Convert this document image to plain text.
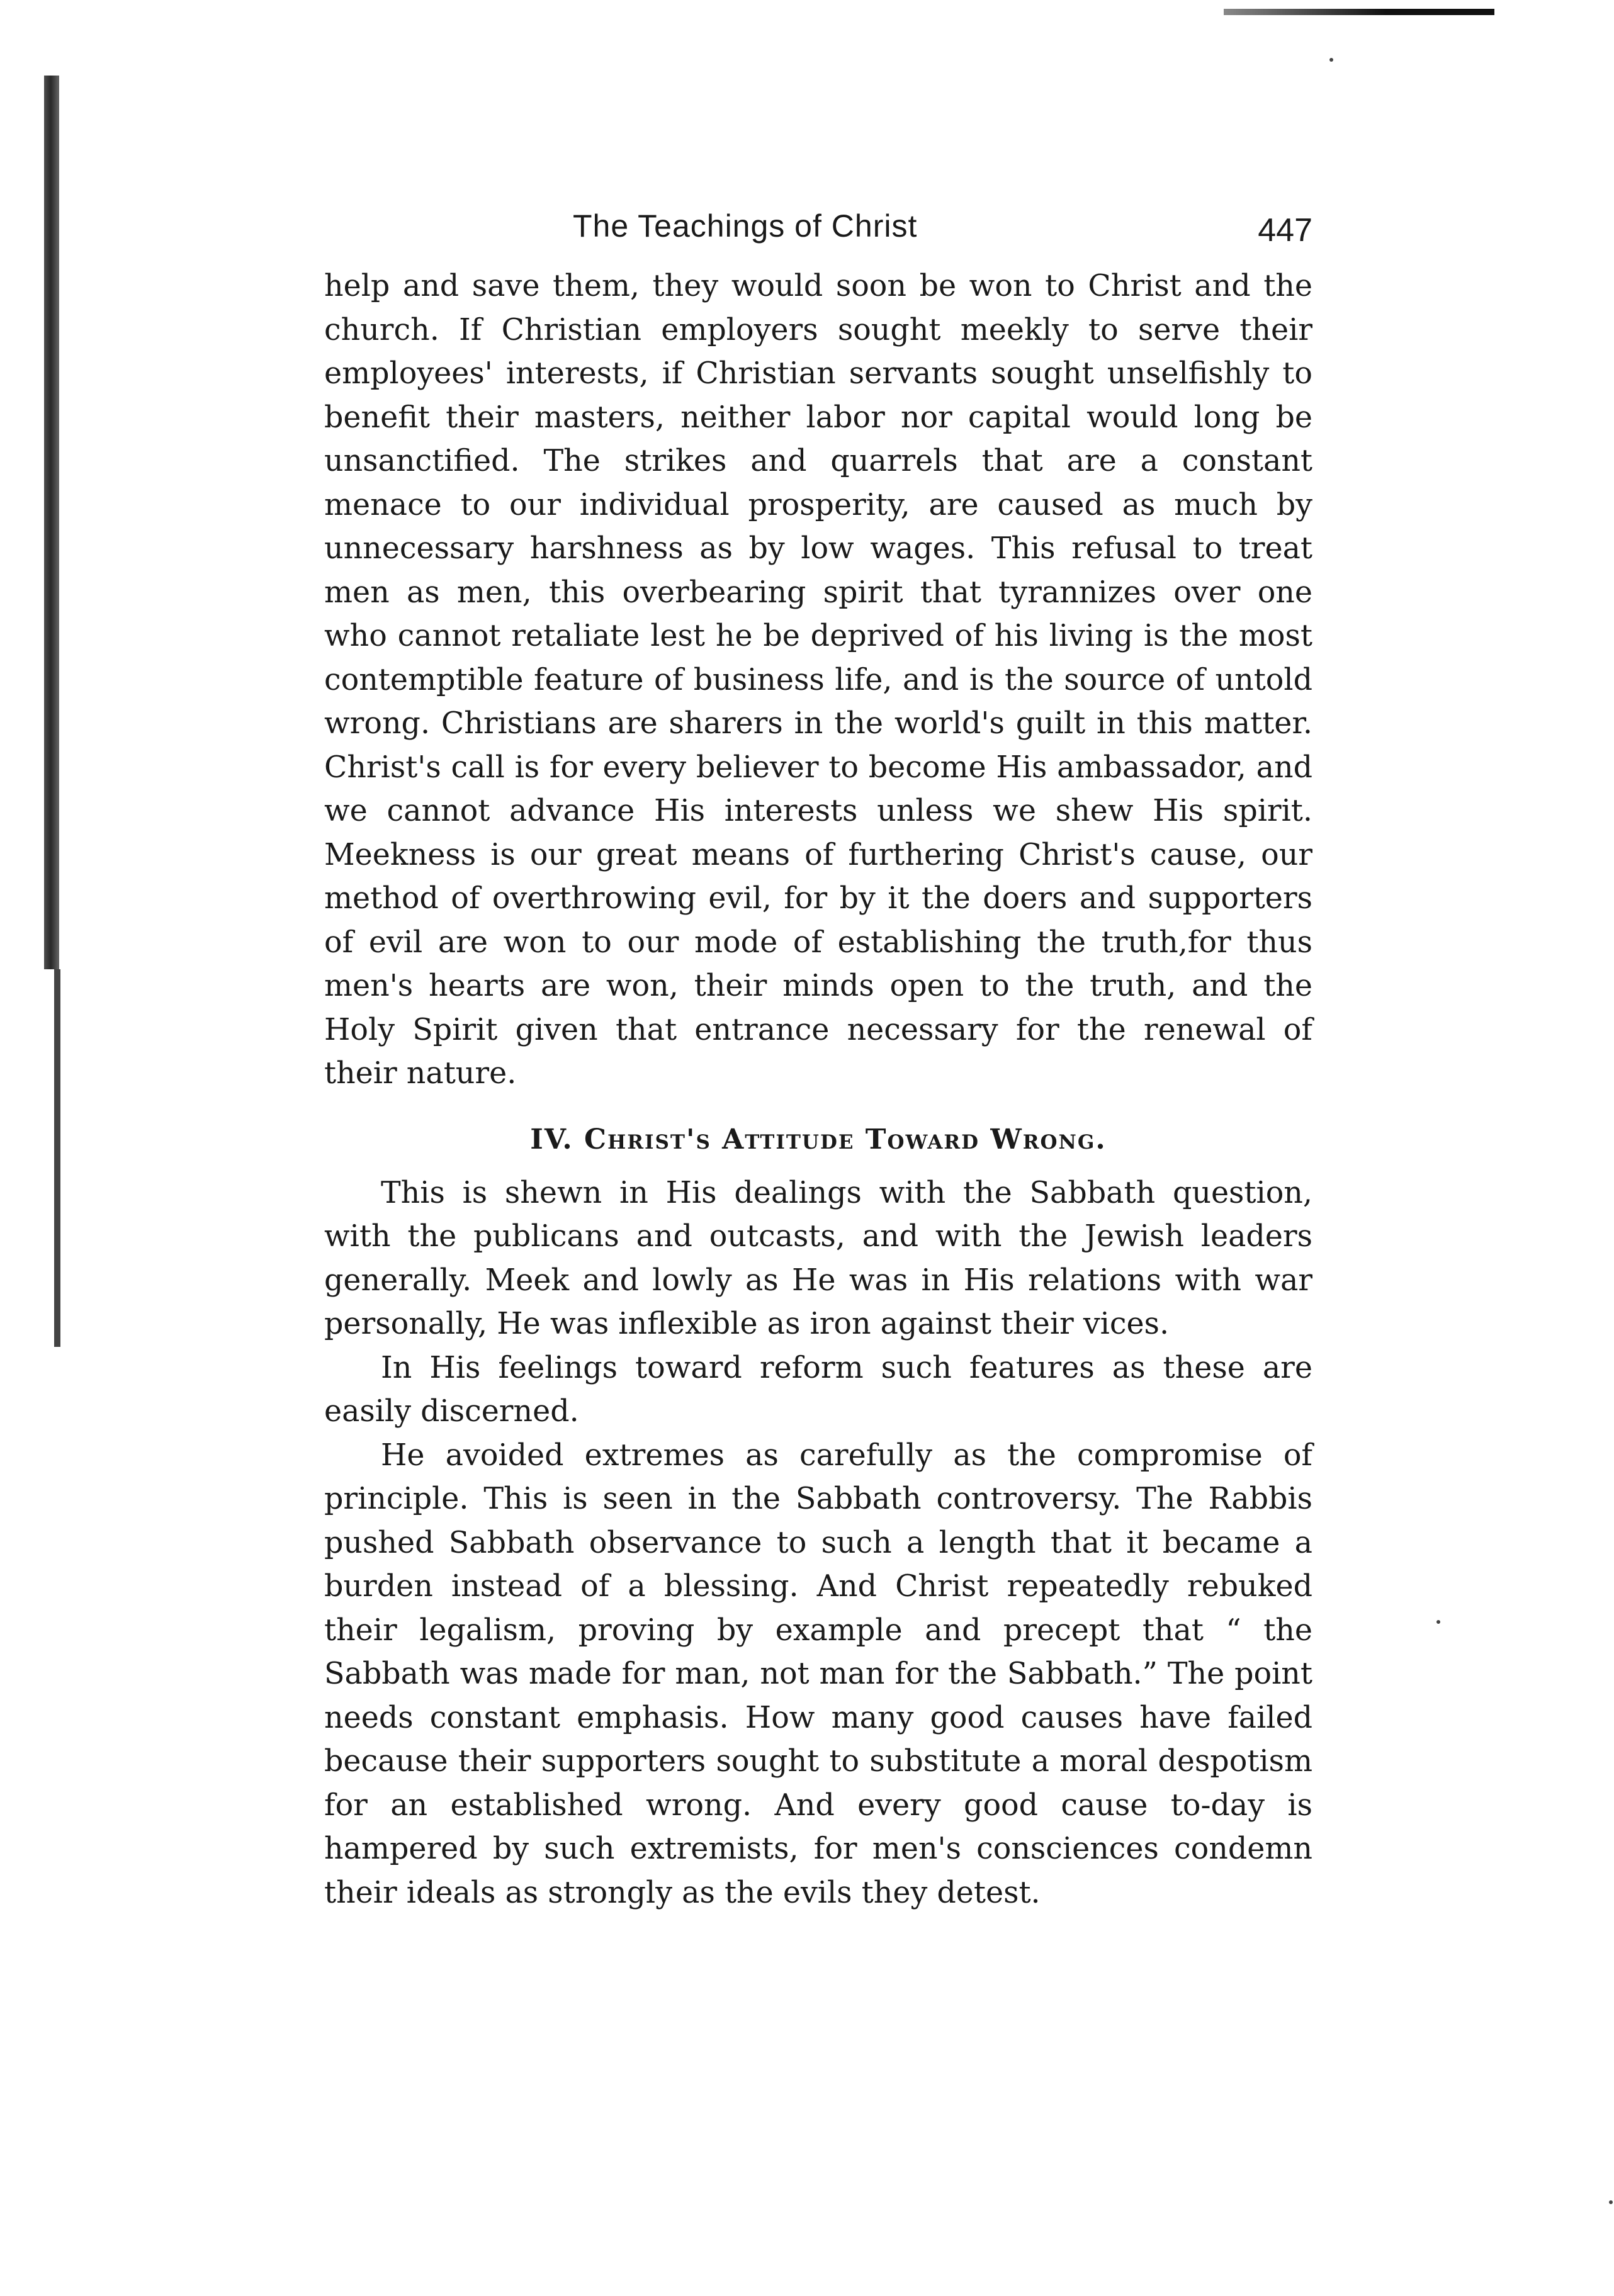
The Teachings of Christ	447

help and save them, they would soon be won to Christ and the church. If Christian employers sought meekly to serve their employees' interests, if Christian servants sought unselfishly to benefit their masters, neither labor nor capital would long be unsanctified. The strikes and quarrels that are a constant menace to our individual prosperity, are caused as much by unnecessary harshness as by low wages. This refusal to treat men as men, this overbearing spirit that tyrannizes over one who cannot retaliate lest he be deprived of his living is the most contemptible feature of business life, and is the source of untold wrong. Christians are sharers in the world's guilt in this matter. Christ's call is for every believer to become His ambassador, and we cannot advance His interests unless we shew His spirit. Meekness is our great means of furthering Christ's cause, our method of overthrowing evil, for by it the doers and supporters of evil are won to our mode of establishing the truth,for thus men's hearts are won, their minds open to the truth, and the Holy Spirit given that entrance necessary for the renewal of their nature.

IV. Christ's Attitude Toward Wrong.

This is shewn in His dealings with the Sabbath question, with the publicans and outcasts, and with the Jewish leaders generally. Meek and lowly as He was in His relations with war personally, He was inflexible as iron against their vices.

In His feelings toward reform such features as these are easily discerned.

He avoided extremes as carefully as the compromise of principle. This is seen in the Sabbath controversy. The Rabbis pushed Sabbath observance to such a length that it became a burden instead of a blessing. And Christ repeatedly rebuked their legalism, proving by example and precept that “ the Sabbath was made for man, not man for the Sabbath.” The point needs constant emphasis. How many good causes have failed because their supporters sought to substitute a moral despotism for an established wrong. And every good cause to-day is hampered by such extremists, for men's consciences condemn their ideals as strongly as the evils they detest.
